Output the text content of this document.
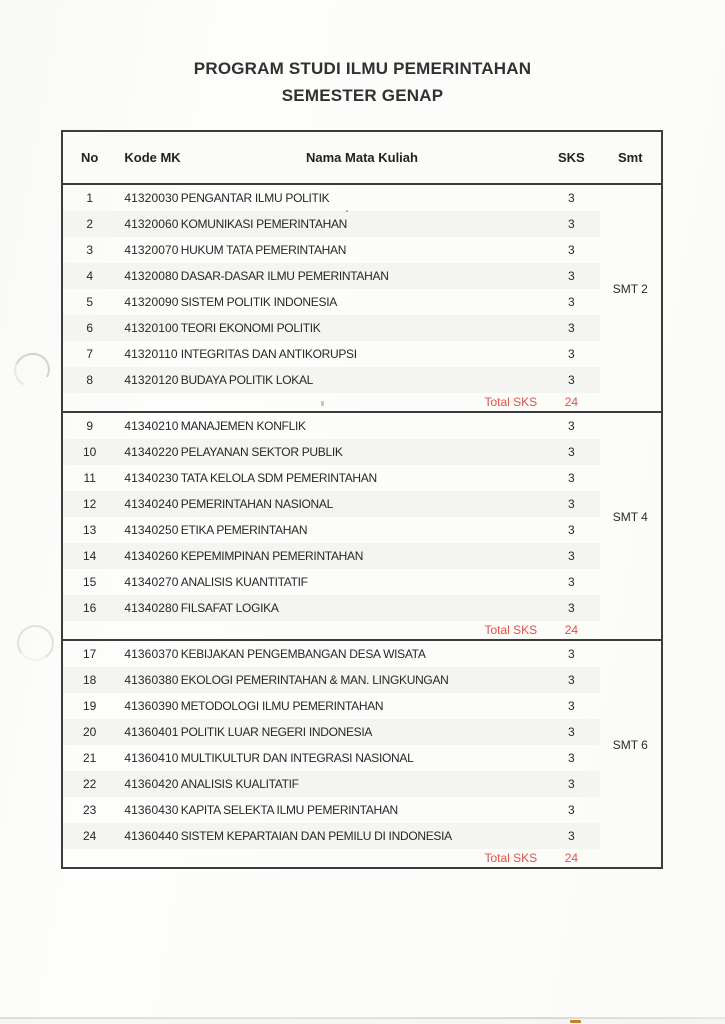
PROGRAM STUDI ILMU PEMERINTAHAN
SEMESTER GENAP
No	Kode MK	Nama Mata Kuliah	SKS	Smt
1	41320030	PENGANTAR ILMU POLITIK	3	SMT 2
2	41320060	KOMUNIKASI PEMERINTAHAN	3	
3	41320070	HUKUM TATA PEMERINTAHAN	3	
4	41320080	DASAR-DASAR ILMU PEMERINTAHAN	3	
5	41320090	SISTEM POLITIK INDONESIA	3	
6	41320100	TEORI EKONOMI POLITIK	3	
7	41320110	INTEGRITAS DAN ANTIKORUPSI	3	
8	41320120	BUDAYA POLITIK LOKAL	3	
Total SKS			24	
9	41340210	MANAJEMEN KONFLIK	3	SMT 4
10	41340220	PELAYANAN SEKTOR PUBLIK	3	
11	41340230	TATA KELOLA SDM PEMERINTAHAN	3	
12	41340240	PEMERINTAHAN NASIONAL	3	
13	41340250	ETIKA PEMERINTAHAN	3	
14	41340260	KEPEMIMPINAN PEMERINTAHAN	3	
15	41340270	ANALISIS KUANTITATIF	3	
16	41340280	FILSAFAT LOGIKA	3	
Total SKS			24	
17	41360370	KEBIJAKAN PENGEMBANGAN DESA WISATA	3	SMT 6
18	41360380	EKOLOGI PEMERINTAHAN & MAN. LINGKUNGAN	3	
19	41360390	METODOLOGI ILMU PEMERINTAHAN	3	
20	41360401	POLITIK LUAR NEGERI INDONESIA	3	
21	41360410	MULTIKULTUR DAN INTEGRASI NASIONAL	3	
22	41360420	ANALISIS KUALITATIF	3	
23	41360430	KAPITA SELEKTA ILMU PEMERINTAHAN	3	
24	41360440	SISTEM KEPARTAIAN DAN PEMILU DI INDONESIA	3	
Total SKS			24	
